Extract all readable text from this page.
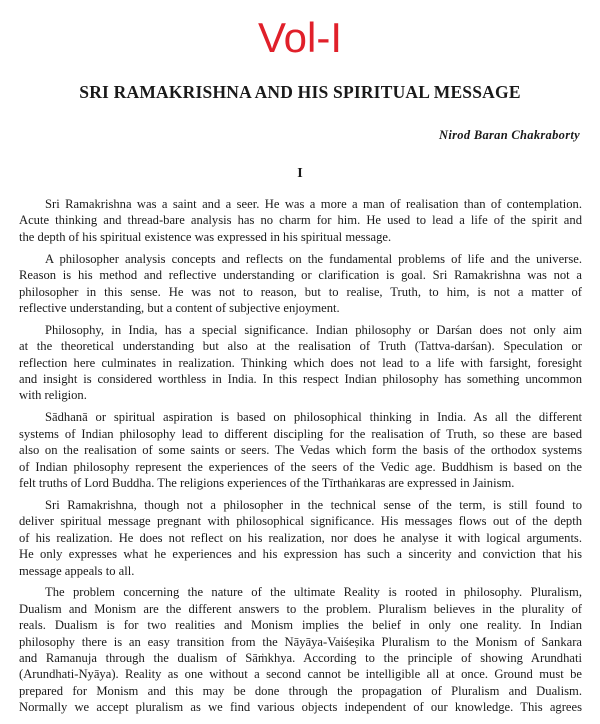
Vol-I
SRI RAMAKRISHNA AND HIS SPIRITUAL MESSAGE
Nirod Baran Chakraborty
I
Sri Ramakrishna was a saint and a seer. He was a more a man of realisation than of contemplation.
Acute thinking and thread-bare analysis has no charm for him. He used to lead a life of the spirit and
the depth of his spiritual existence was expressed in his spiritual message.
A philosopher analysis concepts and reflects on the fundamental problems of life and the universe.
Reason is his method and reflective understanding or clarification is goal. Sri Ramakrishna was not a
philosopher in this sense. He was not to reason, but to realise, Truth, to him, is not a matter of
reflective understanding, but a content of subjective enjoyment.
Philosophy, in India, has a special significance. Indian philosophy or Darśan does not only aim
at the theoretical understanding but also at the realisation of Truth (Tattva-darśan). Speculation or
reflection here culminates in realization. Thinking which does not lead to a life with farsight, foresight
and insight is considered worthless in India. In this respect Indian philosophy has something uncommon
with religion.
Sādhanā or spiritual aspiration is based on philosophical thinking in India. As all the different
systems of Indian philosophy lead to different discipling for the realisation of Truth, so these are based
also on the realisation of some saints or seers. The Vedas which form the basis of the orthodox systems
of Indian philosophy represent the experiences of the seers of the Vedic age. Buddhism is based on the
felt truths of Lord Buddha. The religions experiences of the Tīrthaṅkaras are expressed in Jainism.
Sri Ramakrishna, though not a philosopher in the technical sense of the term, is still found to
deliver spiritual message pregnant with philosophical significance. His messages flows out of the depth
of his realization. He does not reflect on his realization, nor does he analyse it with logical arguments.
He only expresses what he experiences and his expression has such a sincerity and conviction that his
message appeals to all.
The problem concerning the nature of the ultimate Reality is rooted in philosophy. Pluralism,
Dualism and Monism are the different answers to the problem. Pluralism believes in the plurality of
reals. Dualism is for two realities and Monism implies the belief in only one reality. In Indian
philosophy there is an easy transition from the Nāyāya-Vaiśeṣika Pluralism to the Monism of Sankara
and Ramanuja through the dualism of Sāṁkhya. According to the principle of showing Arundhati
(Arundhati-Nyāya). Reality as one without a second cannot be intelligible all at once. Ground must be
prepared for Monism and this may be done through the propagation of Pluralism and Dualism.
Normally we accept pluralism as we find various objects independent of our knowledge. This agrees
